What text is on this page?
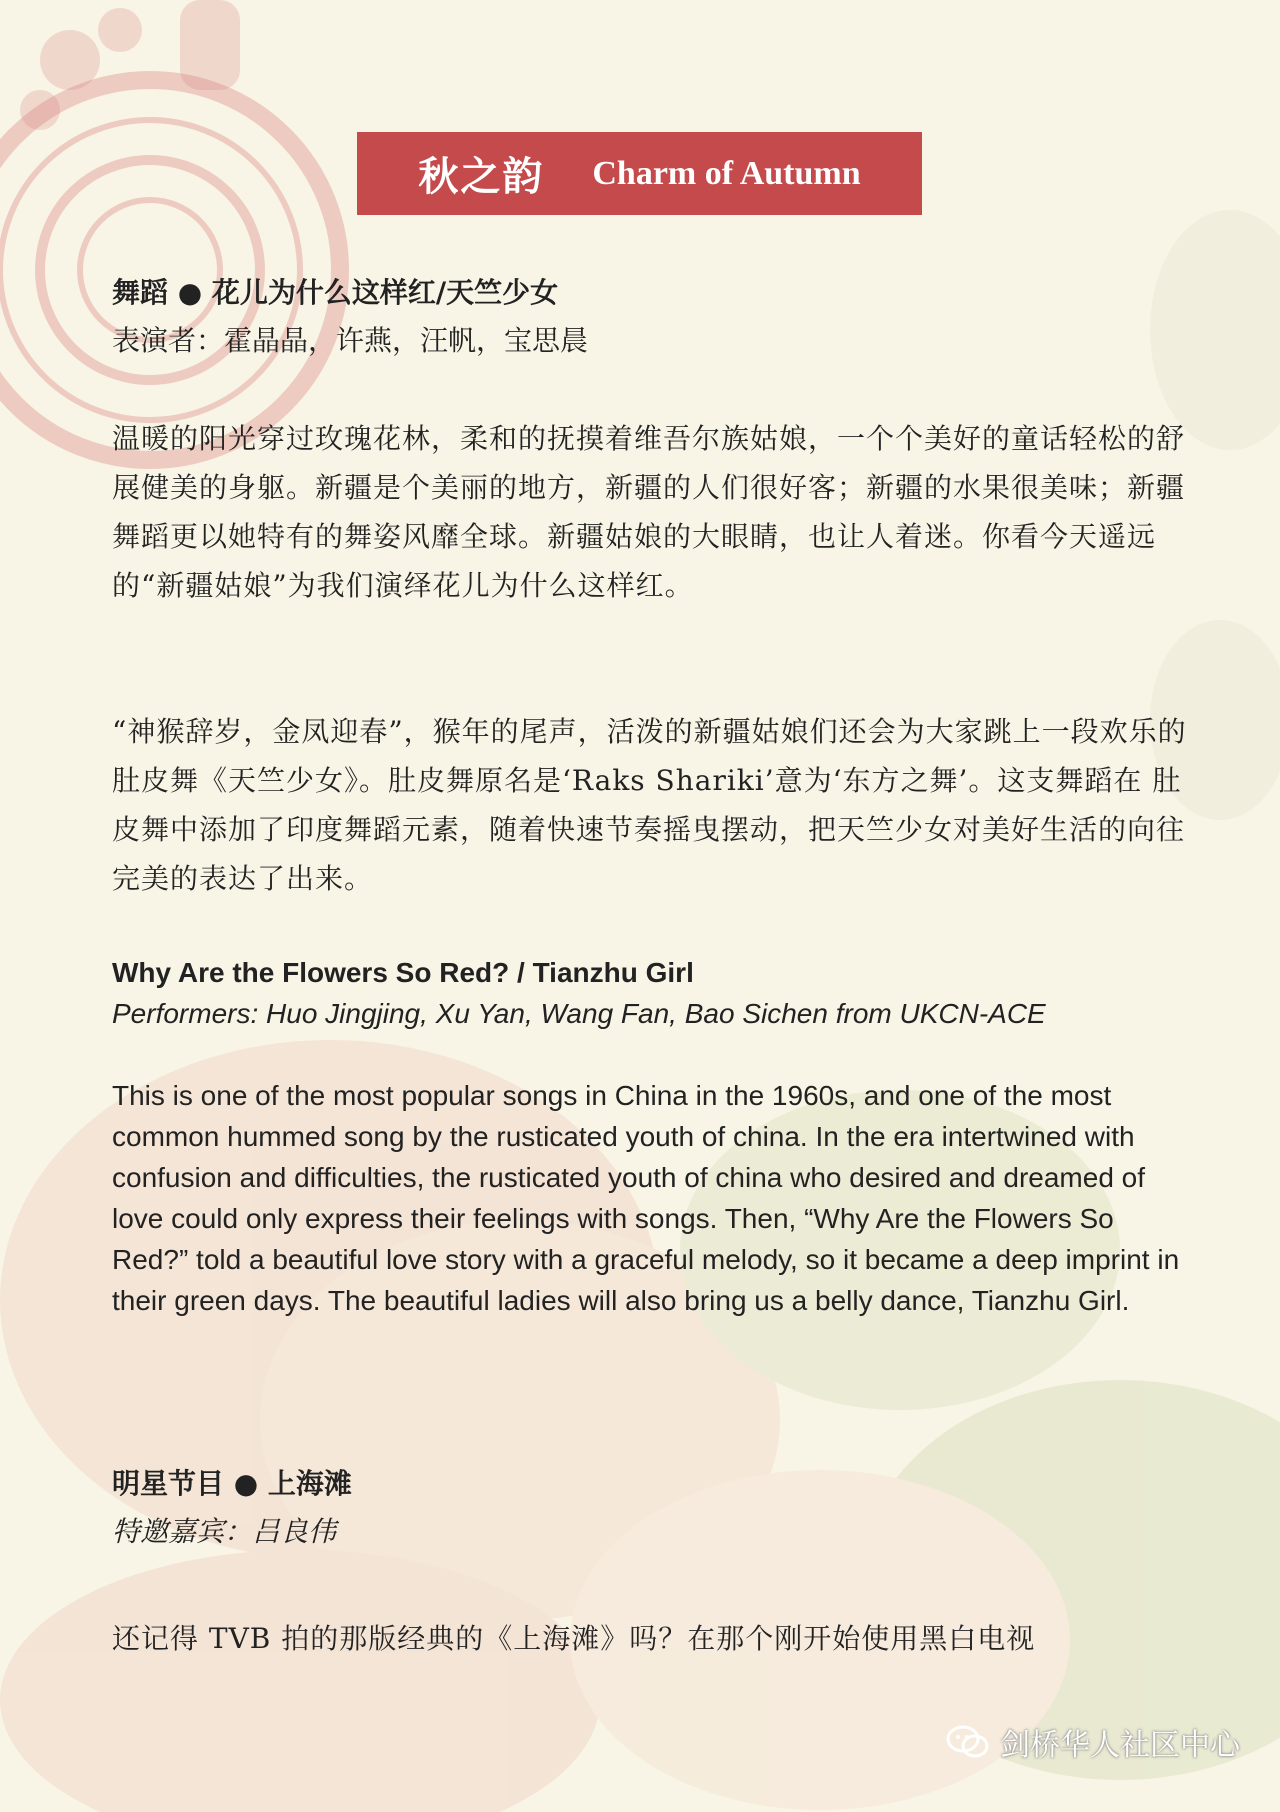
秋之韵 Charm of Autumn

舞蹈 ● 花儿为什么这样红/天竺少女

表演者：霍晶晶，许燕，汪帆，宝思晨

温暖的阳光穿过玫瑰花林，柔和的抚摸着维吾尔族姑娘，一个个美好的童话轻松的舒展健美的身躯。新疆是个美丽的地方，新疆的人们很好客；新疆的水果很美味；新疆舞蹈更以她特有的舞姿风靡全球。新疆姑娘的大眼睛，也让人着迷。你看今天遥远的“新疆姑娘”为我们演绎花儿为什么这样红。

“神猴辞岁，金凤迎春”，猴年的尾声，活泼的新疆姑娘们还会为大家跳上一段欢乐的肚皮舞《天竺少女》。肚皮舞原名是‘Raks Shariki’意为‘东方之舞’。这支舞蹈在 肚皮舞中添加了印度舞蹈元素，随着快速节奏摇曳摆动，把天竺少女对美好生活的向往完美的表达了出来。

Why Are the Flowers So Red? / Tianzhu Girl

Performers: Huo Jingjing, Xu Yan, Wang Fan, Bao Sichen from UKCN-ACE

This is one of the most popular songs in China in the 1960s, and one of the most common hummed song by the rusticated youth of china. In the era intertwined with confusion and difficulties, the rusticated youth of china who desired and dreamed of love could only express their feelings with songs. Then, “Why Are the Flowers So Red?” told a beautiful love story with a graceful melody, so it became a deep imprint in their green days. The beautiful ladies will also bring us a belly dance, Tianzhu Girl.

明星节目 ● 上海滩

特邀嘉宾：吕良伟

还记得 TVB 拍的那版经典的《上海滩》吗？在那个刚开始使用黑白电视

剑桥华人社区中心
